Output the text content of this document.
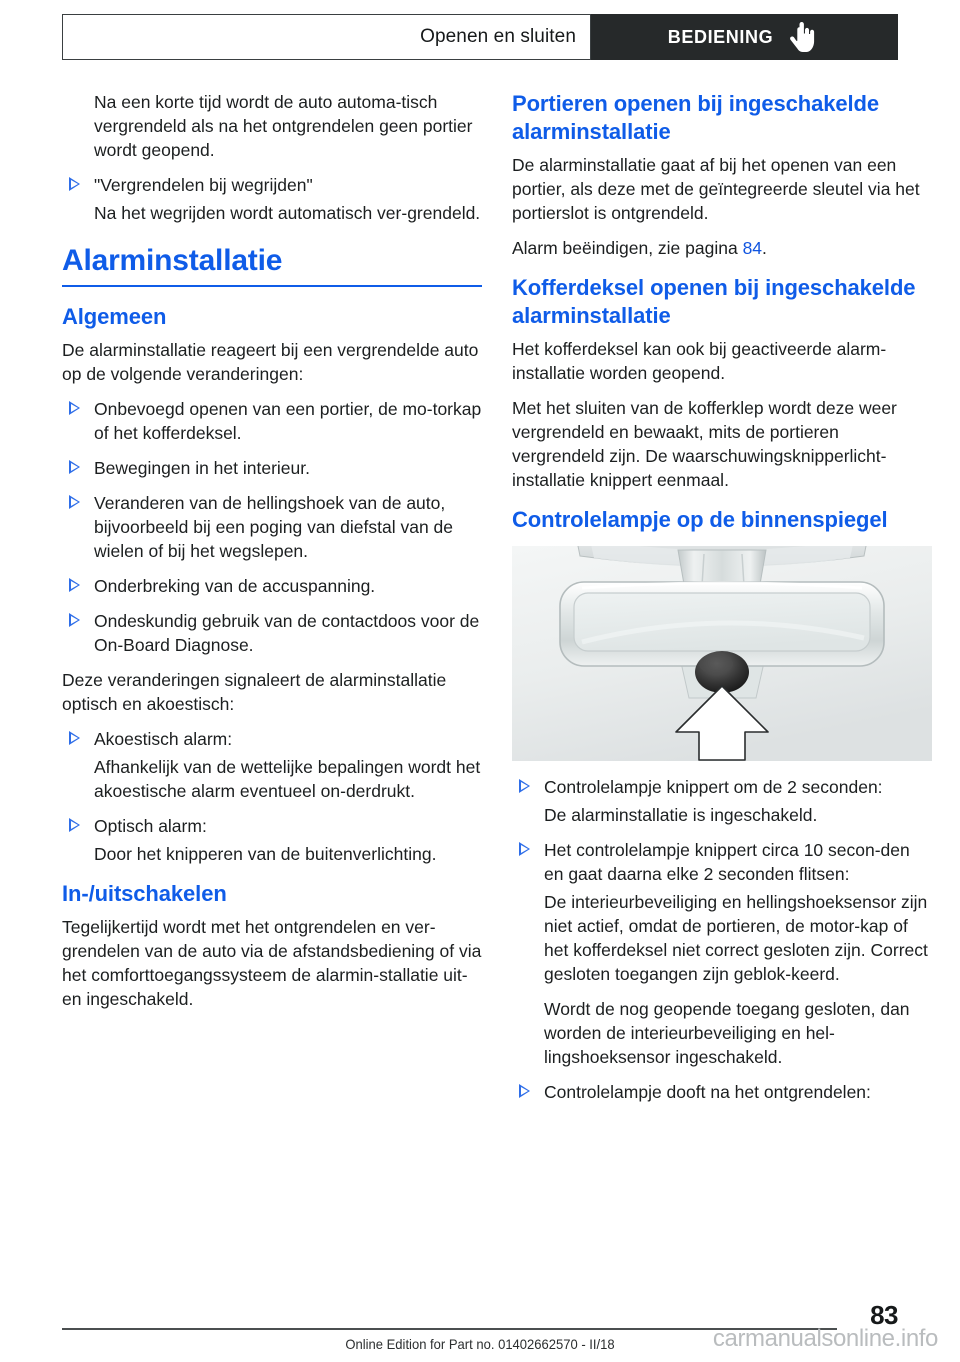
Openen en sluiten	BEDIENING

Na een korte tijd wordt de auto automa‐tisch vergrendeld als na het ontgrendelen geen portier wordt geopend.

"Vergrendelen bij wegrijden"

Na het wegrijden wordt automatisch ver‐grendeld.

Alarminstallatie
Algemeen

De alarminstallatie reageert bij een vergrendelde auto op de volgende veranderingen:

Onbevoegd openen van een portier, de mo‐torkap of het kofferdeksel.
Bewegingen in het interieur.
Veranderen van de hellingshoek van de auto, bijvoorbeeld bij een poging van diefstal van de wielen of bij het wegslepen.
Onderbreking van de accuspanning.
Ondeskundig gebruik van de contactdoos voor de On-Board Diagnose.

Deze veranderingen signaleert de alarminstallatie optisch en akoestisch:

Akoestisch alarm:

Afhankelijk van de wettelijke bepalingen wordt het akoestische alarm eventueel on‐derdrukt.

Optisch alarm:

Door het knipperen van de buitenverlichting.

In-/uitschakelen

Tegelijkertijd wordt met het ontgrendelen en ver‐grendelen van de auto via de afstandsbediening of via het comforttoegangssysteem de alarmin‐stallatie uit- en ingeschakeld.

Portieren openen bij ingeschakelde alarminstallatie

De alarminstallatie gaat af bij het openen van een portier, als deze met de geïntegreerde sleutel via het portierslot is ontgrendeld.

Alarm beëindigen, zie pagina 84.

Kofferdeksel openen bij ingeschakelde alarminstallatie

Het kofferdeksel kan ook bij geactiveerde alarm‐installatie worden geopend.

Met het sluiten van de kofferklep wordt deze weer vergrendeld en bewaakt, mits de portieren vergrendeld zijn. De waarschuwingsknipperlicht‐installatie knippert eenmaal.

Controlelampje op de binnenspiegel
Controlelampje knippert om de 2 seconden:

De alarminstallatie is ingeschakeld.

Het controlelampje knippert circa 10 secon‐den en gaat daarna elke 2 seconden flitsen:

De interieurbeveiliging en hellingshoeksensor zijn niet actief, omdat de portieren, de motor‐kap of het kofferdeksel niet correct gesloten zijn. Correct gesloten toegangen zijn geblok‐keerd.

Wordt de nog geopende toegang gesloten, dan worden de interieurbeveiliging en hel‐lingshoeksensor ingeschakeld.

Controlelampje dooft na het ontgrendelen:
83
Online Edition for Part no. 01402662570 - II/18	carmanualsonline.info
